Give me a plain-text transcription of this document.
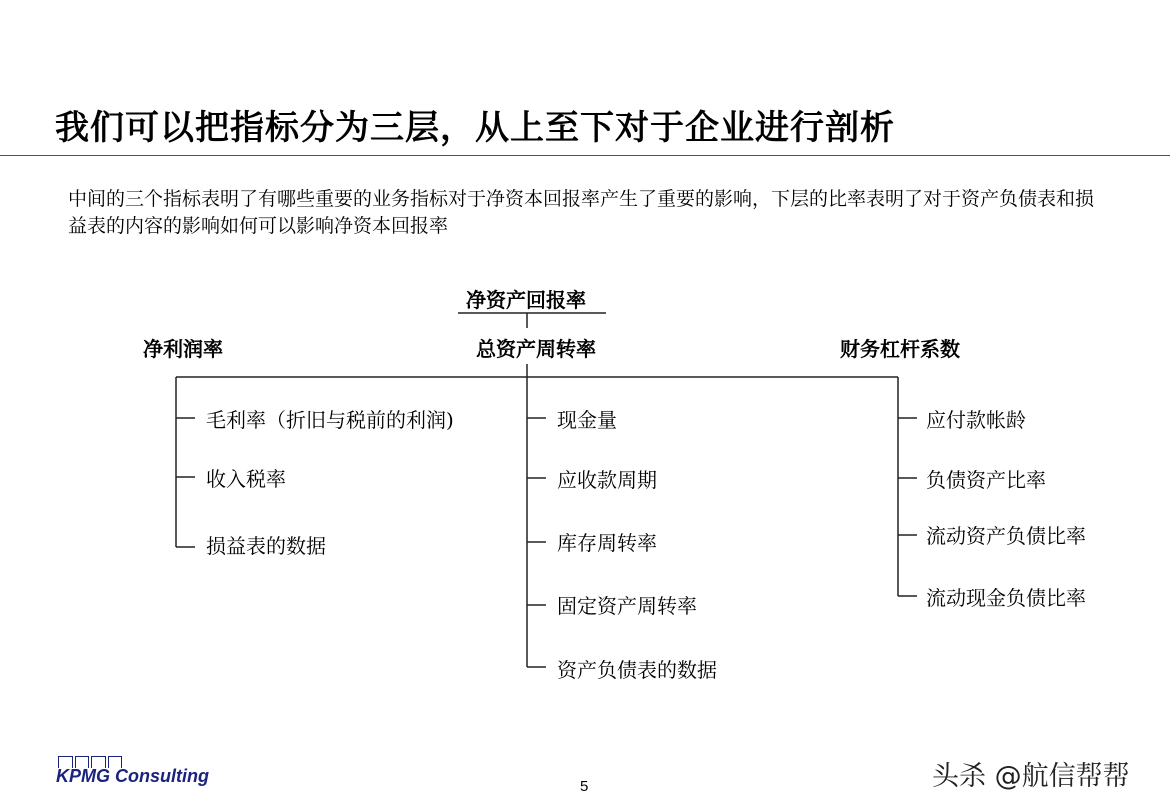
我们可以把指标分为三层，从上至下对于企业进行剖析
中间的三个指标表明了有哪些重要的业务指标对于净资本回报率产生了重要的影响，下层的比率表明了对于资产负债表和损益表的内容的影响如何可以影响净资本回报率
净资产回报率
净利润率	总资产周转率	财务杠杆系数
毛利率（折旧与税前的利润)
收入税率
损益表的数据
现金量
应收款周期
库存周转率
固定资产周转率
资产负债表的数据
应付款帐龄
负债资产比率
流动资产负债比率
流动现金负债比率
KPMG Consulting
5	头杀 @航信帮帮
